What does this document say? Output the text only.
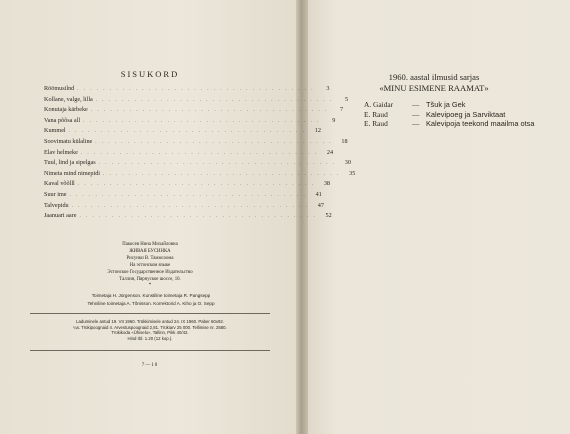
SISUKORD
Röömusilnd . . . . . . . . . . . . . . . . . . . . . . . . . . . . . . . . . . . . .	3
Kollane, valge, lilla . . . . . . . . . . . . . . . . . . . . . . . . . . . . . . . . . . . . .	5
Konutaja kärbeke . . . . . . . . . . . . . . . . . . . . . . . . . . . . . . . . . . . . .	7
Vana põõsa all . . . . . . . . . . . . . . . . . . . . . . . . . . . . . . . . . . . . .	9
Kummel . . . . . . . . . . . . . . . . . . . . . . . . . . . . . . . . . . . . .	12
Soovimatu külaline . . . . . . . . . . . . . . . . . . . . . . . . . . . . . . . . . . . . .	18
Elav helmeke . . . . . . . . . . . . . . . . . . . . . . . . . . . . . . . . . . . . .	24
Tuul, lind ja sipelgas . . . . . . . . . . . . . . . . . . . . . . . . . . . . . . . . . . . . .	30
Nimeta mind nimepidi . . . . . . . . . . . . . . . . . . . . . . . . . . . . . . . . . . . . .	35
Kaval võõlll . . . . . . . . . . . . . . . . . . . . . . . . . . . . . . . . . . . . .	38
Suur ime . . . . . . . . . . . . . . . . . . . . . . . . . . . . . . . . . . . . .	41
Talvepidu . . . . . . . . . . . . . . . . . . . . . . . . . . . . . . . . . . . . .	47
Jaanuari aare . . . . . . . . . . . . . . . . . . . . . . . . . . . . . . . . . . . . .	52
Пакосев Нина Михайловна
ЖИВАЯ БУСИНКА
Рисунки В. Таммсоома
На эстонском языке
Эстонское Государственное Издательство
Таллин, Пярнуское шоссе, 10.
*
Toimetaja H. Jürgenson. Kunstiline toimetaja R. Pangsepp
Tehniline toimetaja A. Tõnisson. Korrektorid A. Kiho ja O. Sepp
Laduminele antud 19. VII 1960. Trükkimisele antud 24. IX 1960. Paber 60x92.
¼s. Trükipoognaid 4. Arvestuspoognaid 2,81. Trükiarv 25 000. Tellimise nr. 2580.
Trükikoda «Ühiselu», Tallinn, Pikk 40/42.
Hind rbl. 1.20 (12 kop.).
7—10
1960. aastal ilmusid sarjas
«MINU ESIMENE RAAMAT»
A. Gaidar	— Tšuk ja Gek
E. Raud	— Kalevipoeg ja Sarviktaat
E. Raud	— Kalevipoja teekond maailma otsa
